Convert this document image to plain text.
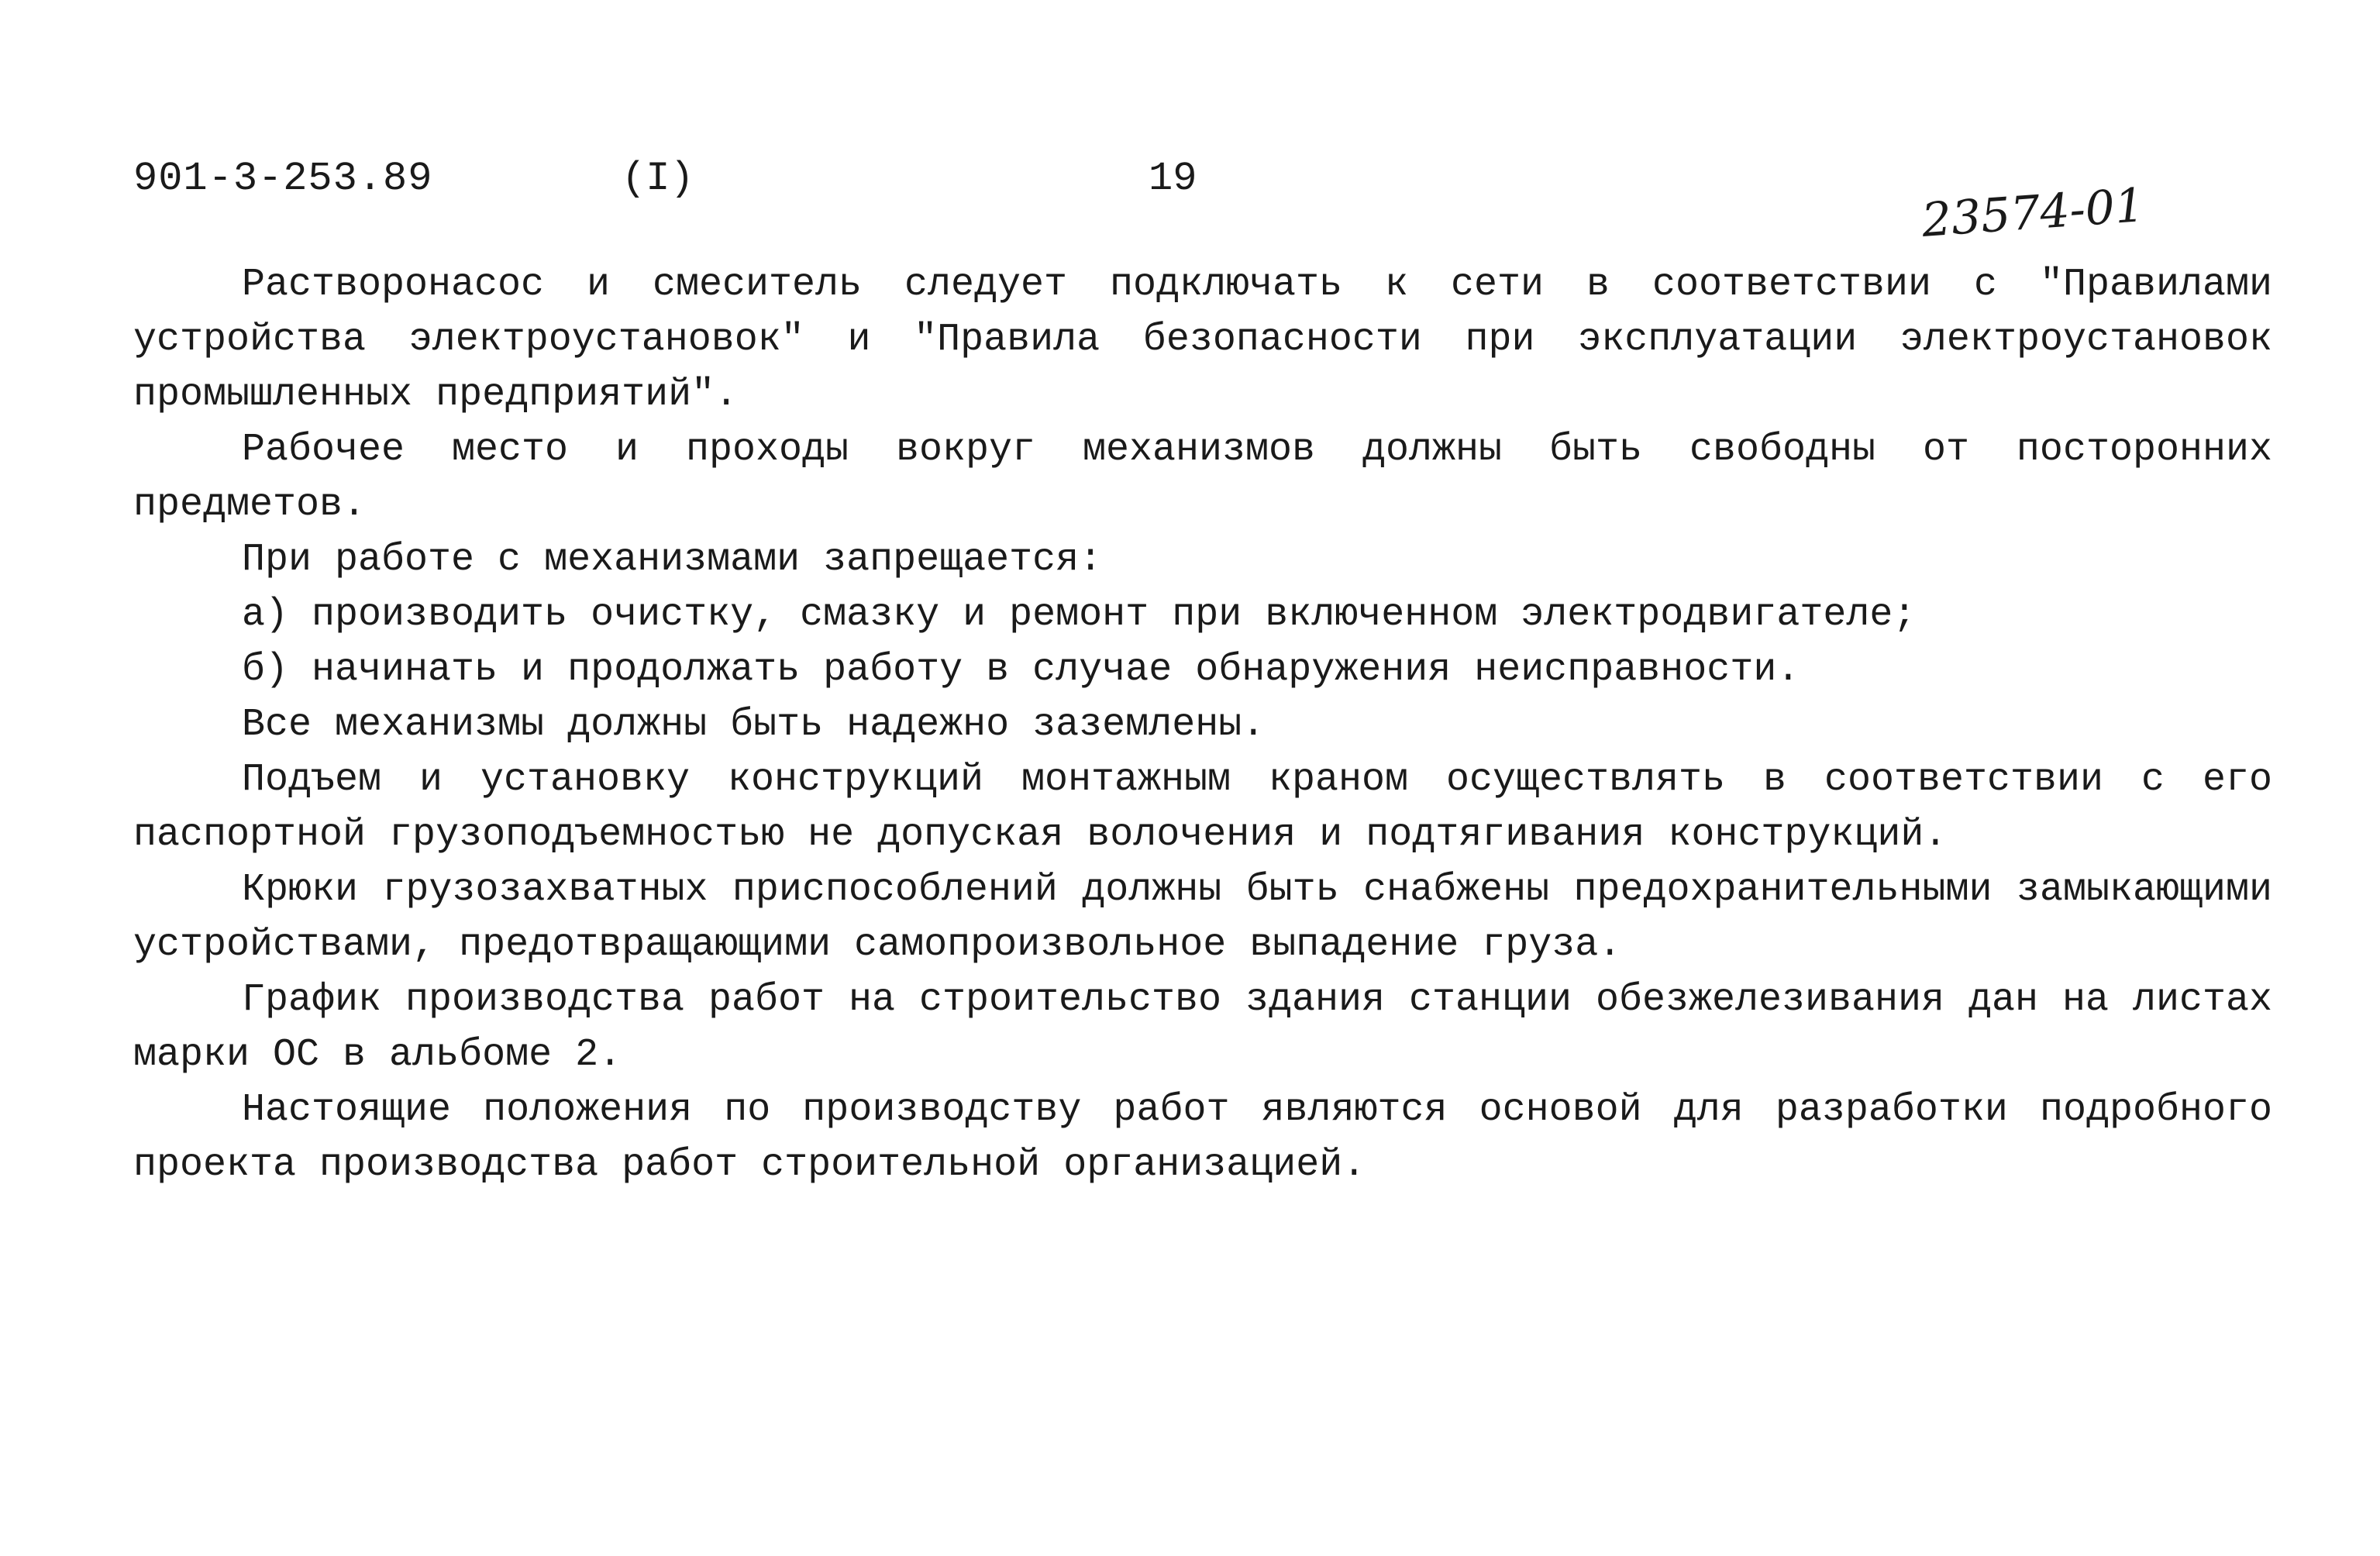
901-3-253.89	(I)	19	23574-01

Растворонасос и смеситель следует подключать к сети в соответствии с "Правилами устройства электроустановок" и "Правила безопасности при эксплуатации электроустановок промышленных предприятий".

Рабочее место и проходы вокруг механизмов должны быть свободны от посторонних предметов.

При работе с механизмами запрещается:

а) производить очистку, смазку и ремонт при включенном электродвигателе;

б) начинать и продолжать работу в случае обнаружения неисправности.

Все механизмы должны быть надежно заземлены.

Подъем и установку конструкций монтажным краном осуществлять в соответствии с его паспортной грузоподъемностью не допуская волочения и подтягивания конструкций.

Крюки грузозахватных приспособлений должны быть снабжены предохранительными замыкающими устройствами, предотвращающими самопроизвольное выпадение груза.

График производства работ на строительство здания станции обезжелезивания дан на листах марки ОС в альбоме 2.

Настоящие положения по производству работ являются основой для разработки подробного проекта производства работ строительной организацией.
